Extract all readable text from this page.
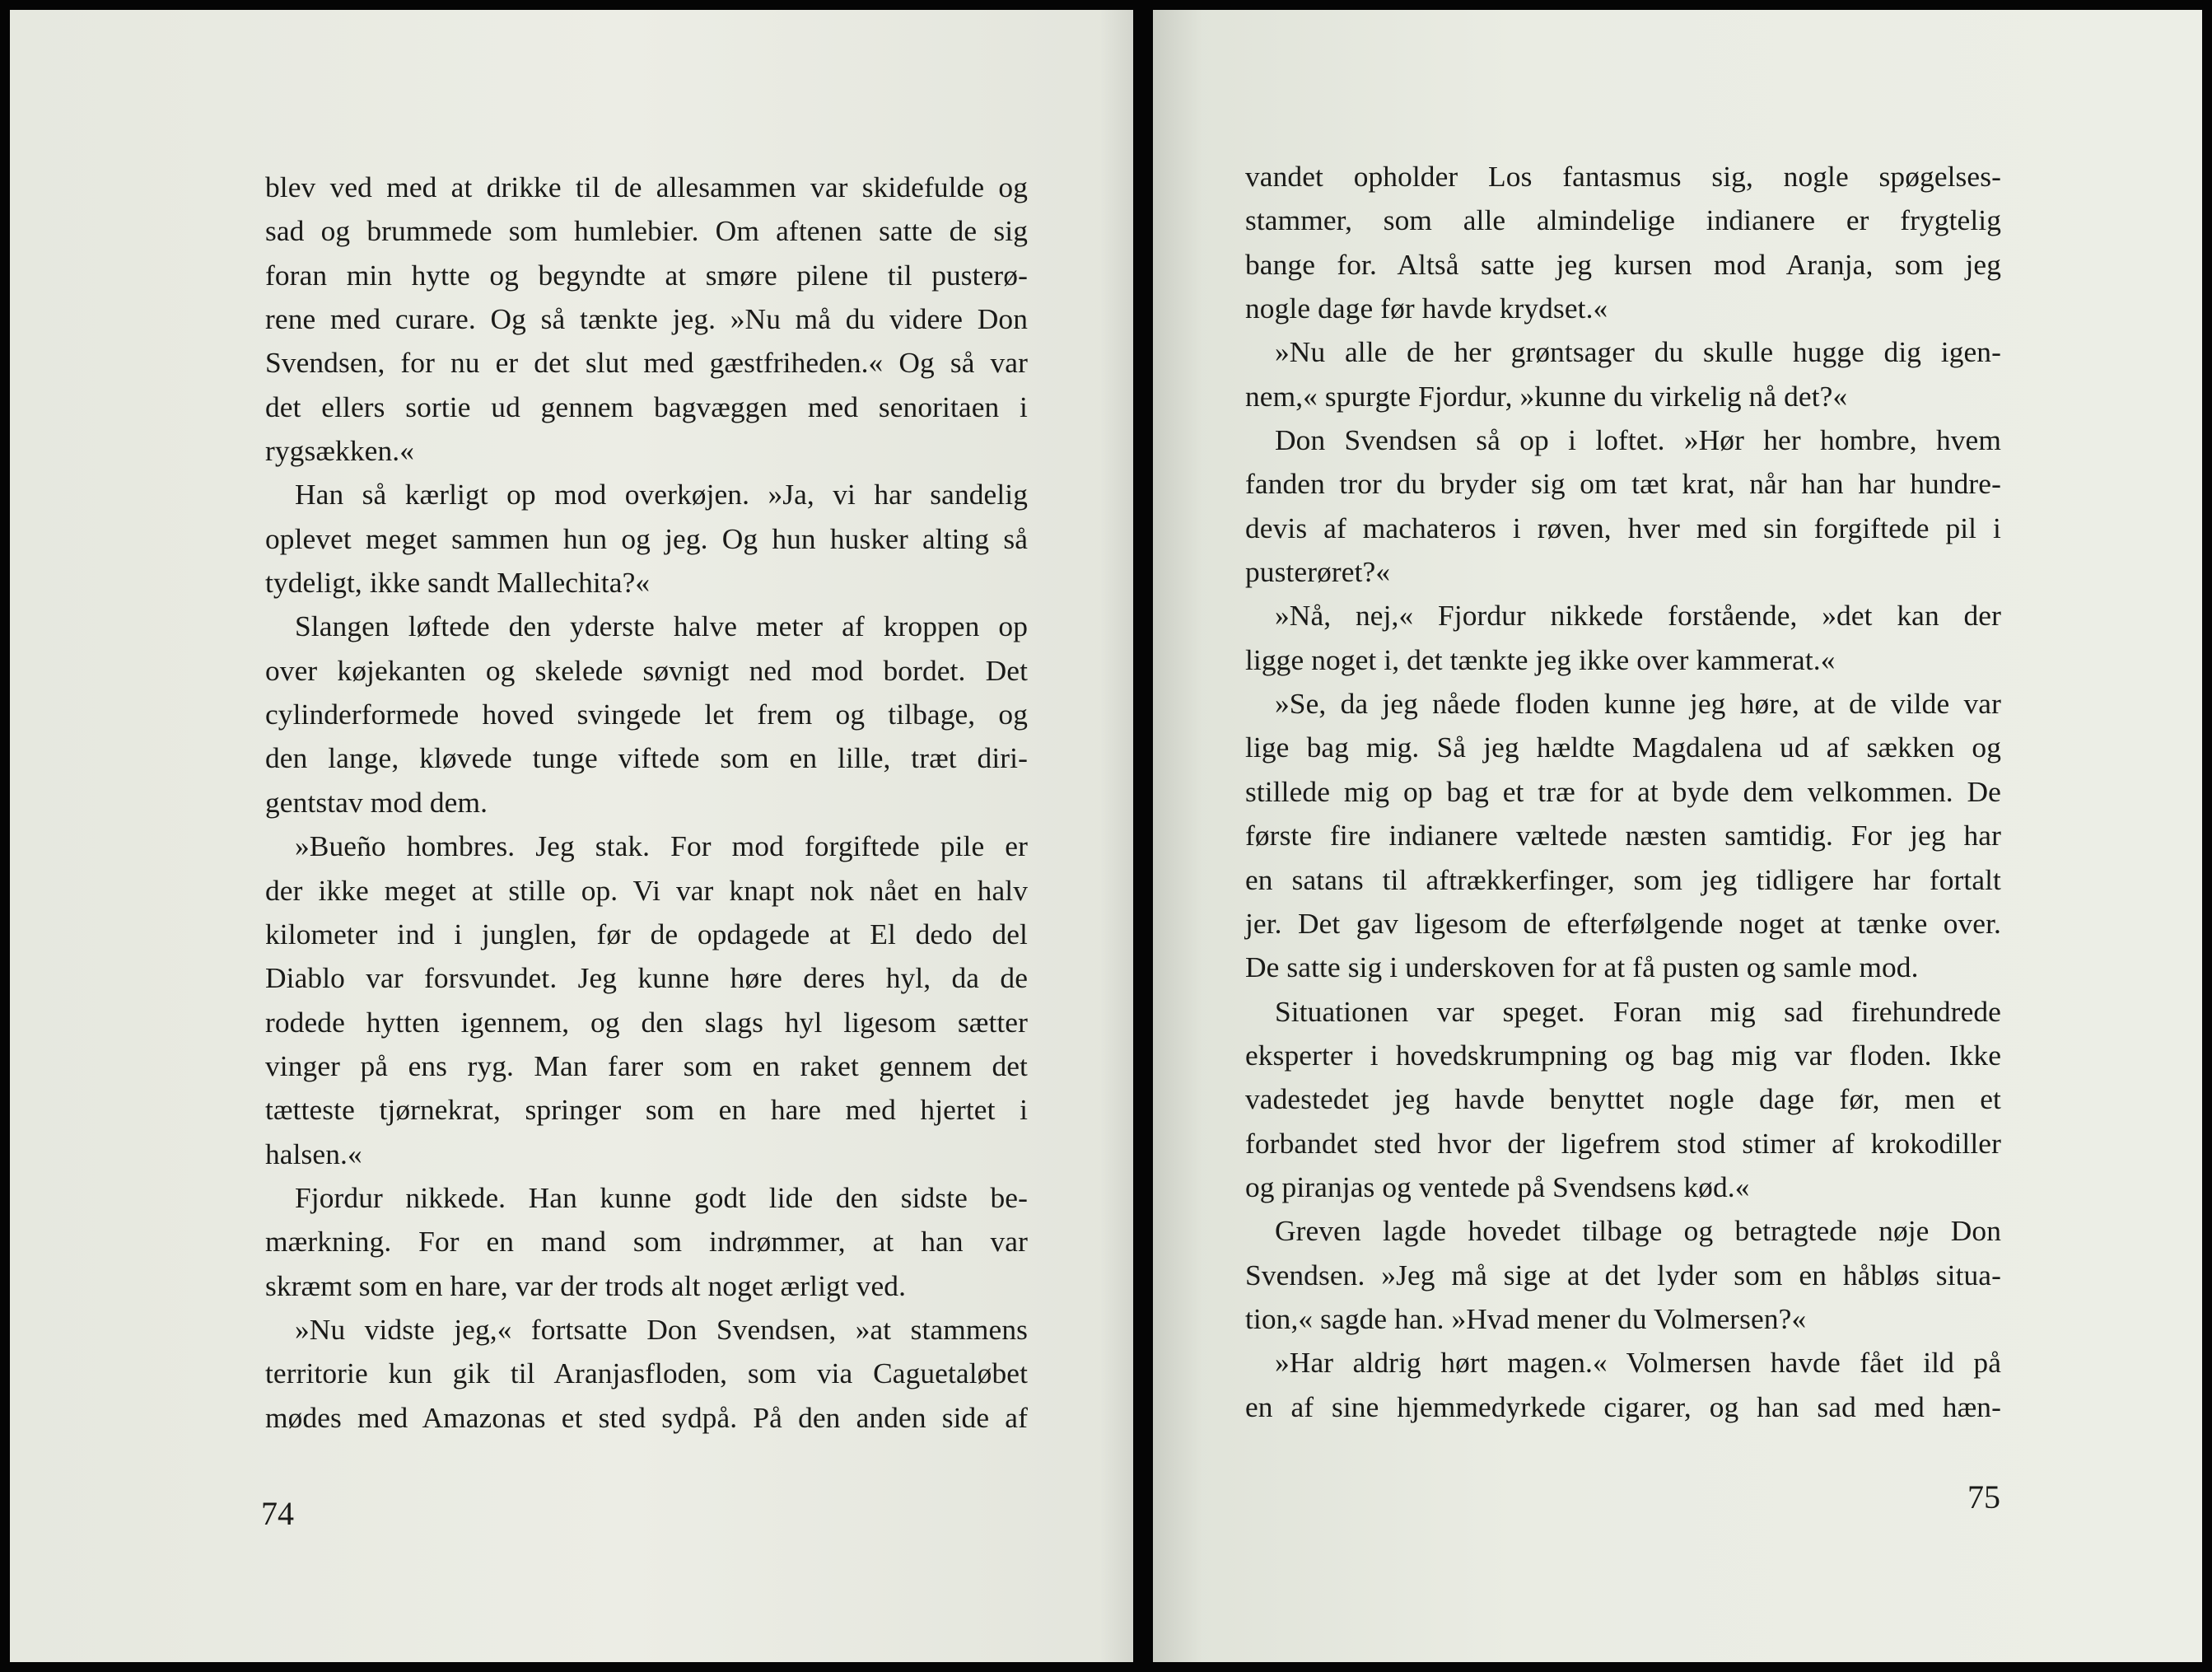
blev ved med at drikke til de allesammen var skidefulde og

sad og brummede som humlebier. Om aftenen satte de sig

foran min hytte og begyndte at smøre pilene til pusterø-

rene med curare. Og så tænkte jeg. »Nu må du videre Don

Svendsen, for nu er det slut med gæstfriheden.« Og så var

det ellers sortie ud gennem bagvæggen med senoritaen i

rygsækken.«

Han så kærligt op mod overkøjen. »Ja, vi har sandelig

oplevet meget sammen hun og jeg. Og hun husker alting så

tydeligt, ikke sandt Mallechita?«

Slangen løftede den yderste halve meter af kroppen op

over køjekanten og skelede søvnigt ned mod bordet. Det

cylinderformede hoved svingede let frem og tilbage, og

den lange, kløvede tunge viftede som en lille, træt diri-

gentstav mod dem.

»Bueño hombres. Jeg stak. For mod forgiftede pile er

der ikke meget at stille op. Vi var knapt nok nået en halv

kilometer ind i junglen, før de opdagede at El dedo del

Diablo var forsvundet. Jeg kunne høre deres hyl, da de

rodede hytten igennem, og den slags hyl ligesom sætter

vinger på ens ryg. Man farer som en raket gennem det

tætteste tjørnekrat, springer som en hare med hjertet i

halsen.«

Fjordur nikkede. Han kunne godt lide den sidste be-

mærkning. For en mand som indrømmer, at han var

skræmt som en hare, var der trods alt noget ærligt ved.

»Nu vidste jeg,« fortsatte Don Svendsen, »at stammens

territorie kun gik til Aranjasfloden, som via Caguetaløbet

mødes med Amazonas et sted sydpå. På den anden side af

74

vandet opholder Los fantasmus sig, nogle spøgelses-

stammer, som alle almindelige indianere er frygtelig

bange for. Altså satte jeg kursen mod Aranja, som jeg

nogle dage før havde krydset.«

»Nu alle de her grøntsager du skulle hugge dig igen-

nem,« spurgte Fjordur, »kunne du virkelig nå det?«

Don Svendsen så op i loftet. »Hør her hombre, hvem

fanden tror du bryder sig om tæt krat, når han har hundre-

devis af machateros i røven, hver med sin forgiftede pil i

pusterøret?«

»Nå, nej,« Fjordur nikkede forstående, »det kan der

ligge noget i, det tænkte jeg ikke over kammerat.«

»Se, da jeg nåede floden kunne jeg høre, at de vilde var

lige bag mig. Så jeg hældte Magdalena ud af sækken og

stillede mig op bag et træ for at byde dem velkommen. De

første fire indianere væltede næsten samtidig. For jeg har

en satans til aftrækkerfinger, som jeg tidligere har fortalt

jer. Det gav ligesom de efterfølgende noget at tænke over.

De satte sig i underskoven for at få pusten og samle mod.

Situationen var speget. Foran mig sad firehundrede

eksperter i hovedskrumpning og bag mig var floden. Ikke

vadestedet jeg havde benyttet nogle dage før, men et

forbandet sted hvor der ligefrem stod stimer af krokodiller

og piranjas og ventede på Svendsens kød.«

Greven lagde hovedet tilbage og betragtede nøje Don

Svendsen. »Jeg må sige at det lyder som en håbløs situa-

tion,« sagde han. »Hvad mener du Volmersen?«

»Har aldrig hørt magen.« Volmersen havde fået ild på

en af sine hjemmedyrkede cigarer, og han sad med hæn-

75
